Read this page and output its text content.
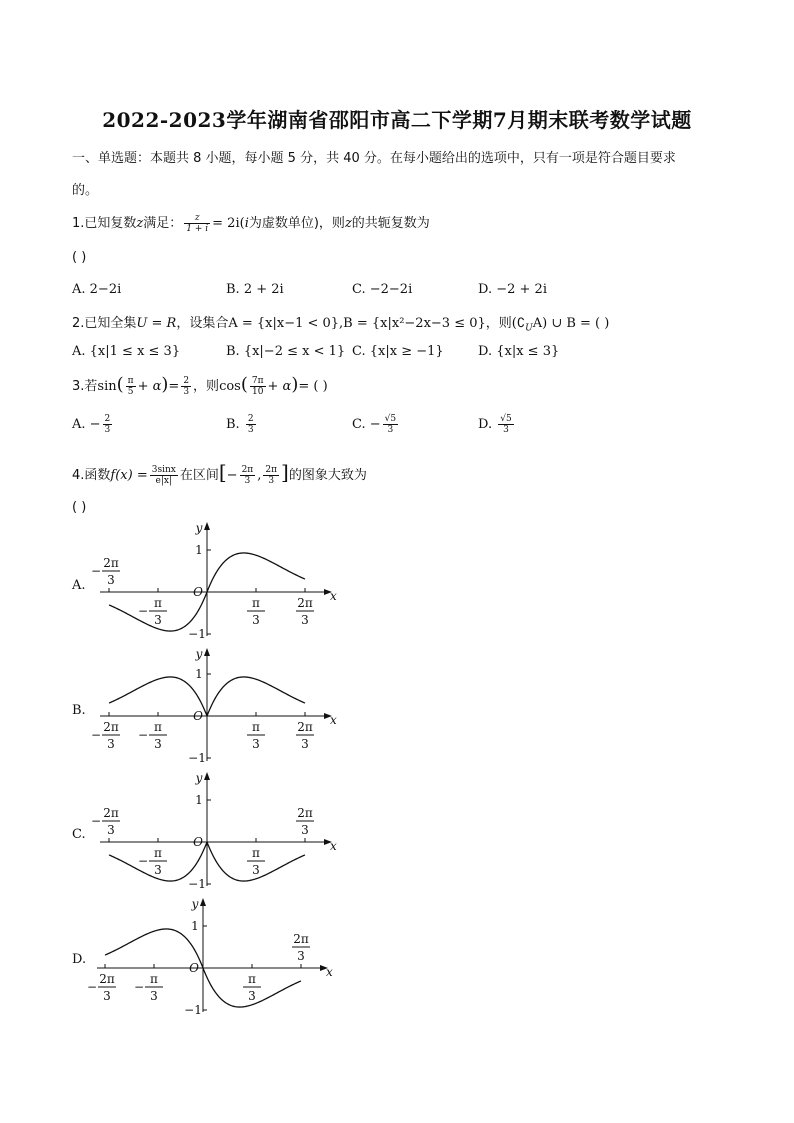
2022-2023学年湖南省邵阳市高二下学期7月期末联考数学试题
一、单选题：本题共 8 小题，每小题 5 分，共 40 分。在每小题给出的选项中，只有一项是符合题目要求
的。
1.已知复数z满足： $\frac{z}{1 + i} = 2i(i$为虚数单位)，则z的共轭复数为
( )
A. 2−2i	B. 2 + 2i	C. −2−2i	D. −2 + 2i
2.已知全集U = R，设集合A = {x|x−1 < 0},B = {x|x²−2x−3 ≤ 0}，则$(∁_UA)$ ∪ B = ( )
A. {x|1 ≤ x ≤ 3}	B. {x|−2 ≤ x < 1} C. {x|x ≥ −1}	D. {x|x ≤ 3}
3.若$\sin( \frac{\pi}{5} + \alpha)= \frac{2}{3}$ ，则$\cos( \frac{7\pi}{10} + \alpha)=$ ( )
A. − $\frac{2}{3}$	B. $\frac{2}{3}$	C. − $\frac{√5}{3}$	D. $\frac{√5}{3}$
4.函数$f(x) = \frac{3\sin x}{e|x|}$ 在区间[− $\frac{2\pi}{3}$ , $\frac{2\pi}{3}$ ]的图象大致为
( )
A.
B.
C.
D.
x
y
O
1
−1
π
3
−
π
3
2π
3
−
2π
3
x
y
O
1
−1
π
3
−
π
3
2π
3
−
2π
3
x
y
O
1
−1
π
3
−
π
3
2π
3
−
2π
3
x
y
O
1
−1
π
3
−
π
3
2π
3
−
2π
3
